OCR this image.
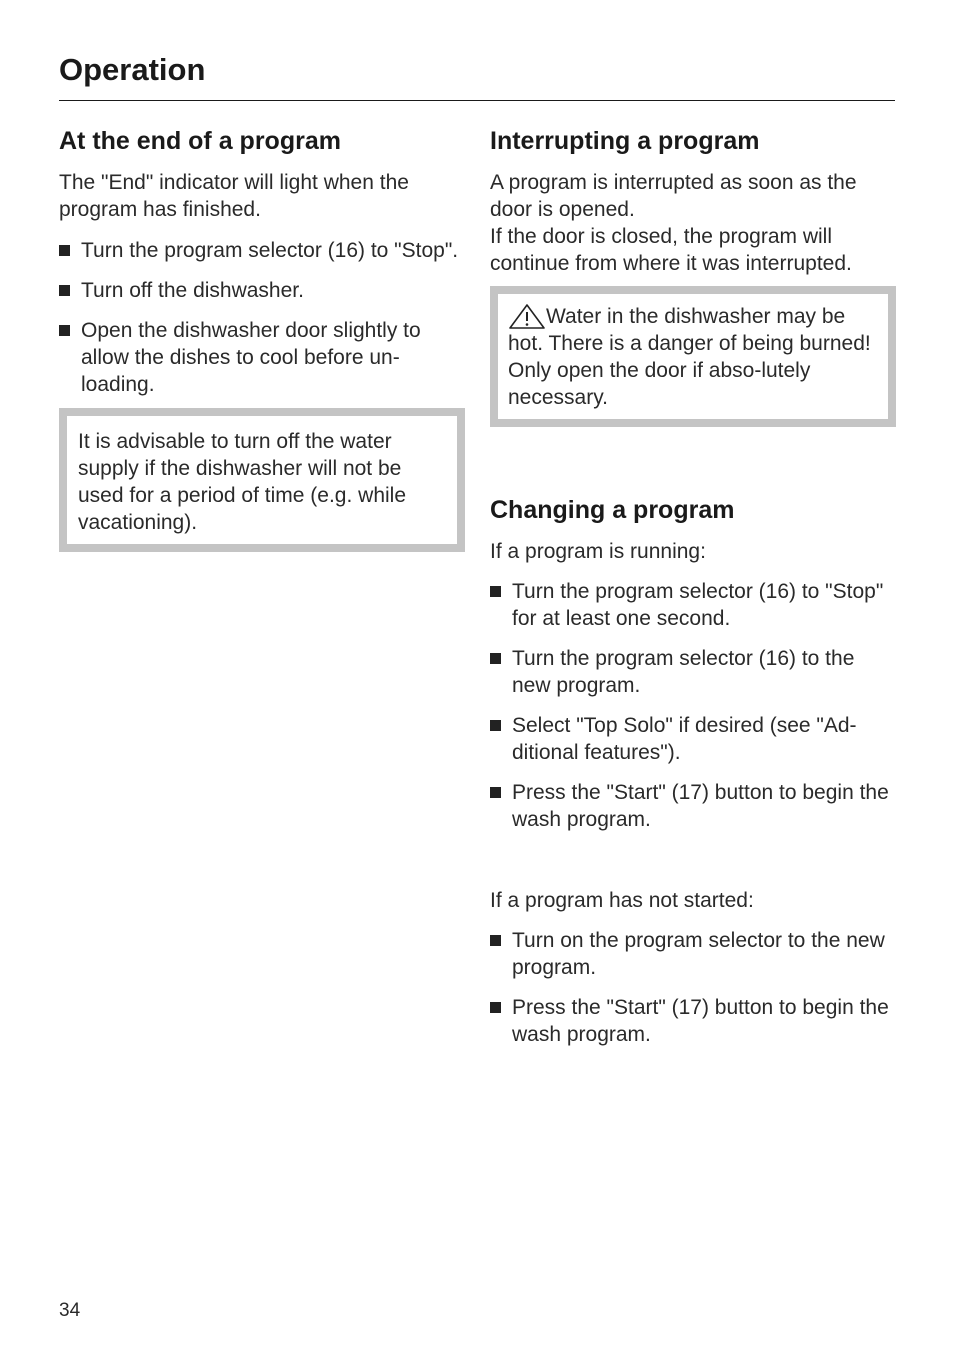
Operation
At the end of a program

The "End" indicator will light when the program has finished.

Turn the program selector (16) to "Stop".
Turn off the dishwasher.
Open the dishwasher door slightly to allow the dishes to cool before un-loading.

It is advisable to turn off the water supply if the dishwasher will not be used for a period of time (e.g. while vacationing).

Interrupting a program

A program is interrupted as soon as the door is opened.

If the door is closed, the program will continue from where it was interrupted.

Water in the dishwasher may be hot. There is a danger of being burned! Only open the door if abso-lutely necessary.

Changing a program

If a program is running:

Turn the program selector (16) to "Stop" for at least one second.
Turn the program selector (16) to the new program.
Select "Top Solo" if desired (see "Ad-ditional features").
Press the "Start" (17) button to begin the wash program.

If a program has not started:

Turn on the program selector to the new program.
Press the "Start" (17) button to begin the wash program.
34
